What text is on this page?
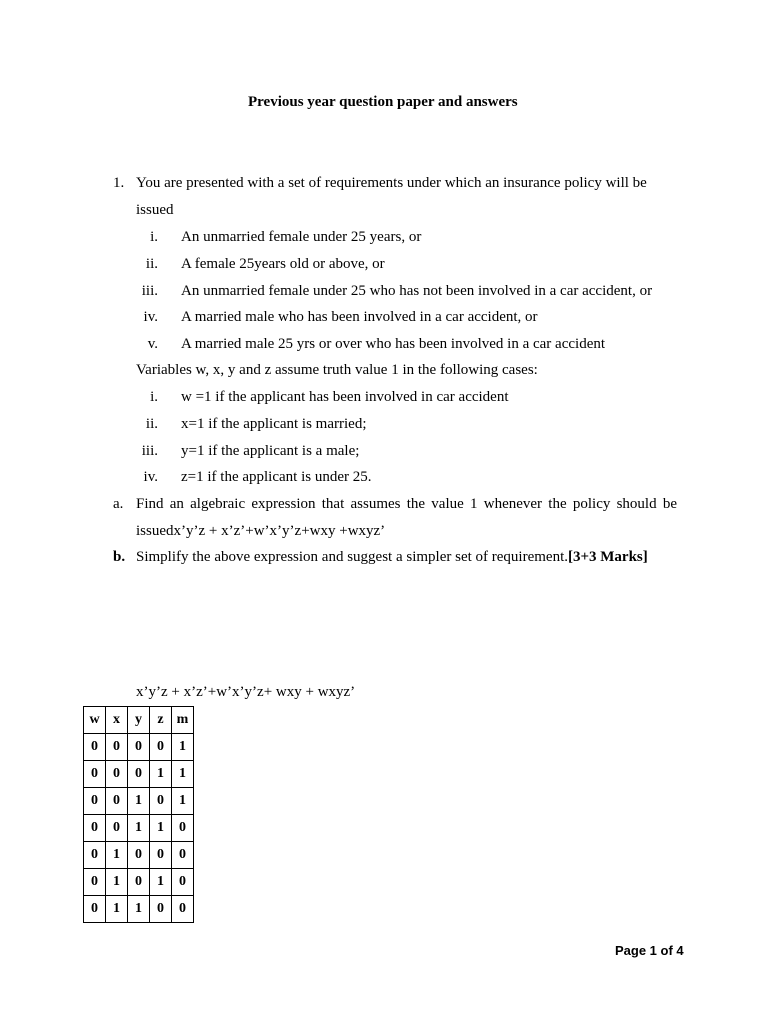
Previous year question paper and answers
1. You are presented with a set of requirements under which an insurance policy will be
issued
i. An unmarried female under 25 years, or
ii. A female 25years old or above, or
iii. An unmarried female under 25 who has not been involved in a car accident, or
iv. A married male who has been involved in a car accident, or
v. A married male 25 yrs or over who has been involved in a car accident
Variables w, x, y and z assume truth value 1 in the following cases:
i. w =1 if the applicant has been involved in car accident
ii. x=1 if the applicant is married;
iii. y=1 if the applicant is a male;
iv. z=1 if the applicant is under 25.
a. Find an algebraic expression that assumes the value 1 whenever the policy should be
issuedx’y’z + x’z’+w’x’y’z+wxy +wxyz’
b. Simplify the above expression and suggest a simpler set of requirement.[3+3 Marks]
x’y’z + x’z’+w’x’y’z+ wxy + wxyz’
w	x	y	z	m
0	0	0	0	1
0	0	0	1	1
0	0	1	0	1
0	0	1	1	0
0	1	0	0	0
0	1	0	1	0
0	1	1	0	0
Page 1 of 4
